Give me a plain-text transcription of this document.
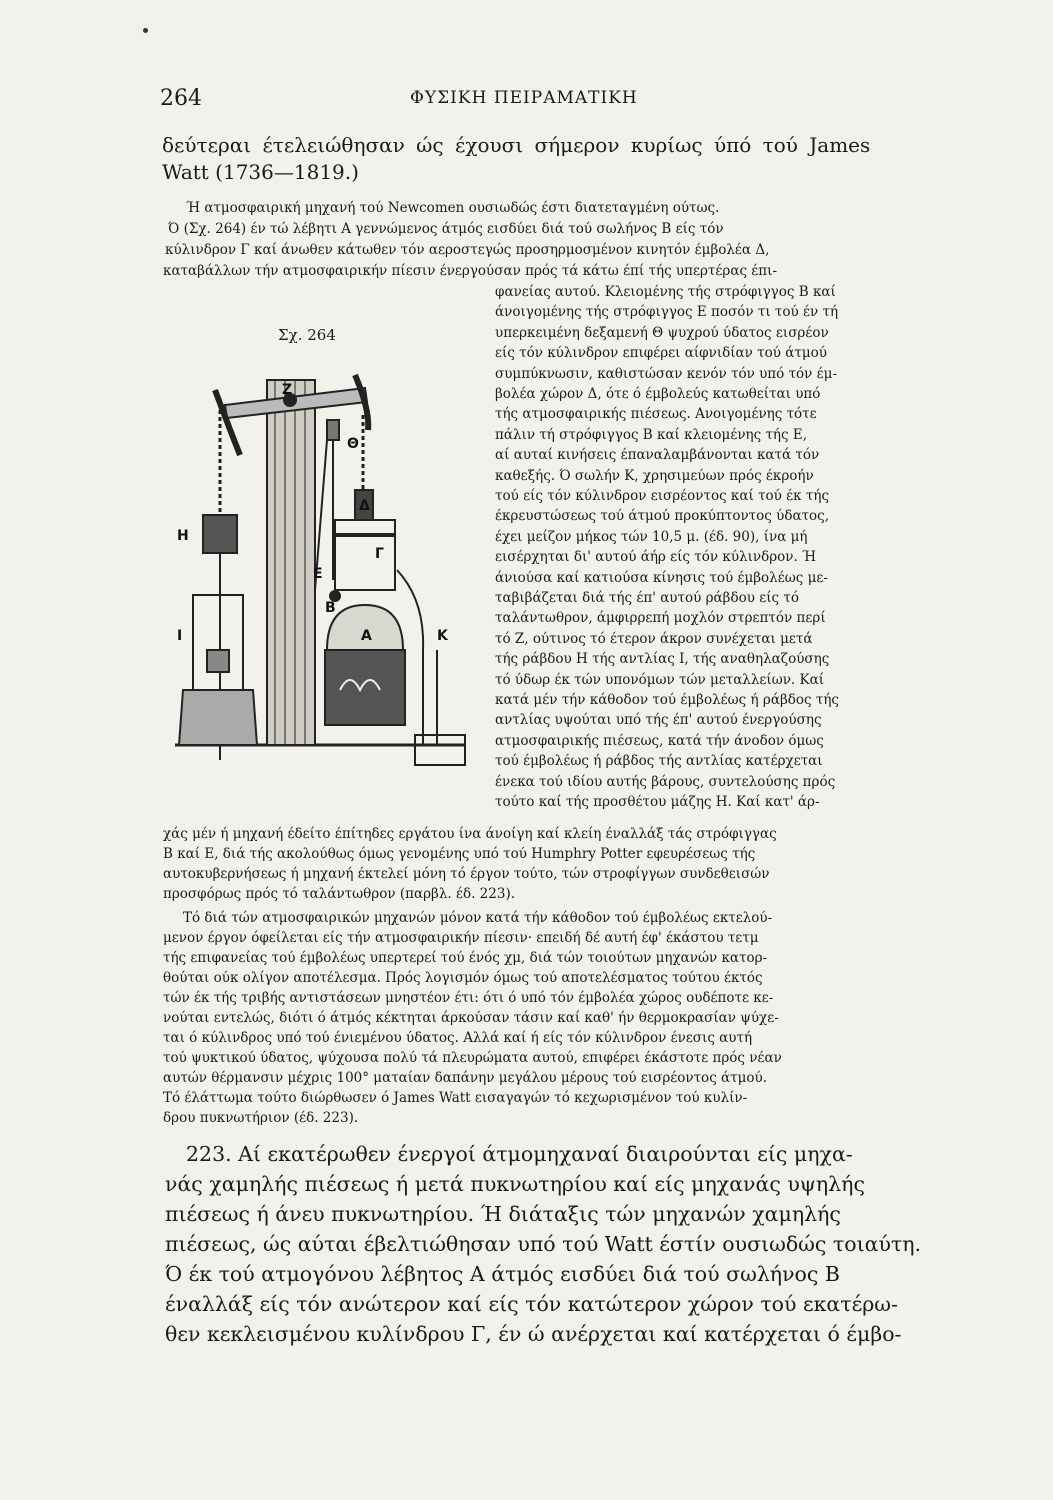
264	ΦΥΣΙΚΗ ΠΕΙΡΑΜΑΤΙΚΗ
δεύτεραι έτελειώθησαν ώς έχουσι σήμερον κυρίως ύπό τού James
Watt (1736—1819.)
Ή ατμοσφαιρική μηχανή τού Newcomen ουσιωδώς έστι διατεταγμένη ούτως.
Ό (Σχ. 264) έν τώ λέβητι Α γεννώμενος άτμός εισδύει διά τού σωλήνος Β είς τόν
κύλινδρον Γ καί άνωθεν κάτωθεν τόν αεροστεγώς προσηρμοσμένον κινητόν έμβολέα Δ,
καταβάλλων τήν ατμοσφαιρικήν πίεσιν ένεργούσαν πρός τά κάτω έπί τής υπερτέρας έπι-
Σχ. 264
Z
Θ
Δ
Γ
Ε
Β
Α	Κ
Η
Ι
φανείας αυτού. Κλειομένης τής στρόφιγγος Β καί
άνοιγομένης τής στρόφιγγος Ε ποσόν τι τού έν τή
υπερκειμένη δεξαμενή Θ ψυχρού ύδατος εισρέον
είς τόν κύλινδρον επιφέρει αίφνιδίαν τού άτμού
συμπύκνωσιν, καθιστώσαν κενόν τόν υπό τόν έμ-
βολέα χώρον Δ, ότε ό έμβολεύς κατωθείται υπό
τής ατμοσφαιρικής πιέσεως. Ανοιγομένης τότε
πάλιν τή στρόφιγγος Β καί κλειομένης τής Ε,
αί αυταί κινήσεις έπαναλαμβάνονται κατά τόν
καθεξής. Ό σωλήν Κ, χρησιμεύων πρός έκροήν
τού είς τόν κύλινδρον εισρέοντος καί τού έκ τής
έκρευστώσεως τού άτμού προκύπτοντος ύδατος,
έχει μείζον μήκος τών 10,5 μ. (έδ. 90), ίνα μή
εισέρχηται δι' αυτού άήρ είς τόν κύλινδρον. Ή
άνιούσα καί κατιούσα κίνησις τού έμβολέως με-
ταβιβάζεται διά τής έπ' αυτού ράβδου είς τό
ταλάντωθρον, άμφιρρεπή μοχλόν στρεπτόν περί
τό Ζ, ούτινος τό έτερον άκρον συνέχεται μετά
τής ράβδου Η τής αντλίας Ι, τής αναθηλαζούσης
τό ύδωρ έκ τών υπονόμων τών μεταλλείων. Καί
κατά μέν τήν κάθοδον τού έμβολέως ή ράβδος τής
αντλίας υψούται υπό τής έπ' αυτού ένεργούσης
ατμοσφαιρικής πιέσεως, κατά τήν άνοδον όμως
τού έμβολέως ή ράβδος τής αντλίας κατέρχεται
ένεκα τού ιδίου αυτής βάρους, συντελούσης πρός
τούτο καί τής προσθέτου μάζης Η. Καί κατ' άρ-
χάς μέν ή μηχανή έδείτο έπίτηδες εργάτου ίνα άνοίγη καί κλείη έναλλάξ τάς στρόφιγγας
Β καί Ε, διά τής ακολούθως όμως γενομένης υπό τού Humphry Potter εφευρέσεως τής
αυτοκυβερνήσεως ή μηχανή έκτελεί μόνη τό έργον τούτο, τών στροφίγγων συνδεθεισών
προσφόρως πρός τό ταλάντωθρον (παρβλ. έδ. 223).
Τό διά τών ατμοσφαιρικών μηχανών μόνον κατά τήν κάθοδον τού έμβολέως εκτελού-
μενον έργον όφείλεται είς τήν ατμοσφαιρικήν πίεσιν· επειδή δέ αυτή έφ' έκάστου τετμ
τής επιφανείας τού έμβολέως υπερτερεί τού ένός χμ, διά τών τοιούτων μηχανών κατορ-
θούται ούκ ολίγον αποτέλεσμα. Πρός λογισμόν όμως τού αποτελέσματος τούτου έκτός
τών έκ τής τριβής αντιστάσεων μνηστέον έτι: ότι ό υπό τόν έμβολέα χώρος ουδέποτε κε-
νούται εντελώς, διότι ό άτμός κέκτηται άρκούσαν τάσιν καί καθ' ήν θερμοκρασίαν ψύχε-
ται ό κύλινδρος υπό τού ένιεμένου ύδατος. Αλλά καί ή είς τόν κύλινδρον ένεσις αυτή
τού ψυκτικού ύδατος, ψύχουσα πολύ τά πλευρώματα αυτού, επιφέρει έκάστοτε πρός νέαν
αυτών θέρμανσιν μέχρις 100° ματαίαν δαπάνην μεγάλου μέρους τού εισρέοντος άτμού.
Τό έλάττωμα τούτο διώρθωσεν ό James Watt εισαγαγών τό κεχωρισμένον τού κυλίν-
δρου πυκνωτήριον (έδ. 223).
223. Αί εκατέρωθεν ένεργοί άτμομηχαναί διαιρούνται είς μηχα-
νάς χαμηλής πιέσεως ή μετά πυκνωτηρίου καί είς μηχανάς υψηλής
πιέσεως ή άνευ πυκνωτηρίου. Ή διάταξις τών μηχανών χαμηλής
πιέσεως, ώς αύται έβελτιώθησαν υπό τού Watt έστίν ουσιωδώς τοιαύτη.
Ό έκ τού ατμογόνου λέβητος Α άτμός εισδύει διά τού σωλήνος Β
έναλλάξ είς τόν ανώτερον καί είς τόν κατώτερον χώρον τού εκατέρω-
θεν κεκλεισμένου κυλίνδρου Γ, έν ώ ανέρχεται καί κατέρχεται ό έμβο-
